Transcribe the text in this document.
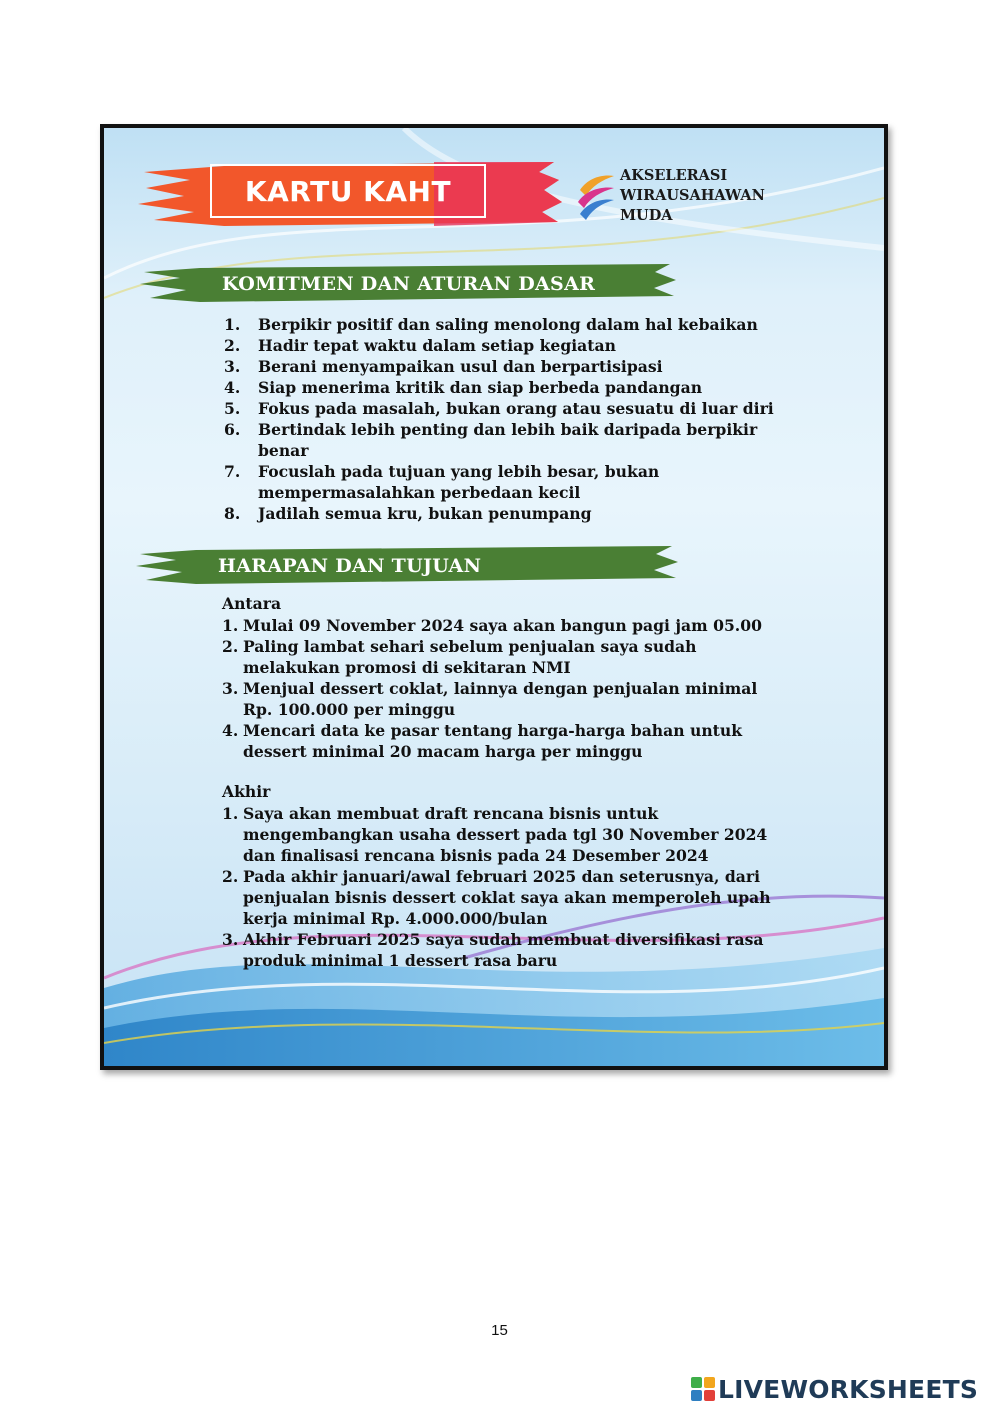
KARTU KAHT	AKSELERASI
WIRAUSAHAWAN
MUDA
KOMITMEN DAN ATURAN DASAR
1. Berpikir positif dan saling menolong dalam hal kebaikan
2. Hadir tepat waktu dalam setiap kegiatan
3. Berani menyampaikan usul dan berpartisipasi
4. Siap menerima kritik dan siap berbeda pandangan
5. Fokus pada masalah, bukan orang atau sesuatu di luar diri
6. Bertindak lebih penting dan lebih baik daripada berpikir
benar
7. Focuslah pada tujuan yang lebih besar, bukan
mempermasalahkan perbedaan kecil
8. Jadilah semua kru, bukan penumpang
HARAPAN DAN TUJUAN
Antara
1. Mulai 09 November 2024 saya akan bangun pagi jam 05.00
2. Paling lambat sehari sebelum penjualan saya sudah
melakukan promosi di sekitaran NMI
3. Menjual dessert coklat, lainnya dengan penjualan minimal
Rp. 100.000 per minggu
4. Mencari data ke pasar tentang harga-harga bahan untuk
dessert minimal 20 macam harga per minggu
Akhir
1. Saya akan membuat draft rencana bisnis untuk
mengembangkan usaha dessert pada tgl 30 November 2024
dan finalisasi rencana bisnis pada 24 Desember 2024
2. Pada akhir januari/awal februari 2025 dan seterusnya, dari
penjualan bisnis dessert coklat saya akan memperoleh upah
kerja minimal Rp. 4.000.000/bulan
3. Akhir Februari 2025 saya sudah membuat diversifikasi rasa
produk minimal 1 dessert rasa baru
15
LIVEWORKSHEETS
